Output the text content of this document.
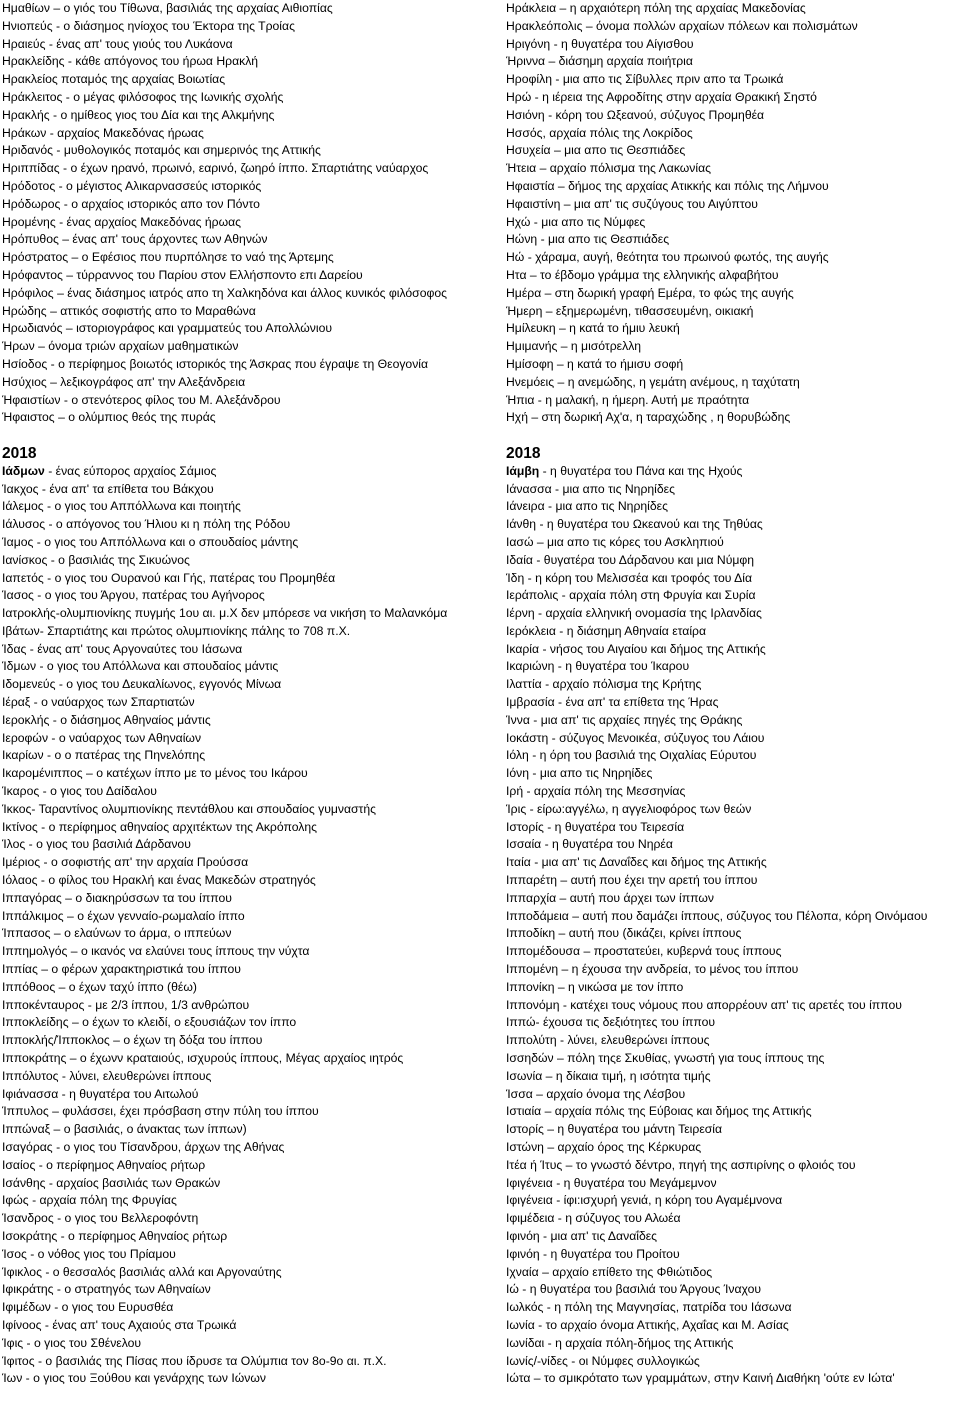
Ημαθίων – ο γιός του Τίθωνα, βασιλιάς της αρχαίας Αιθιοπίας
Ηνιοπεύς - ο διάσημος ηνίοχος του Έκτορα της Τροίας
Ηραιεύς - ένας απ' τους γιούς του Λυκάονα
Ηρακλείδης - κάθε απόγονος του ήρωα Ηρακλή
Ηρακλείος ποταμός της αρχαίας Βοιωτίας
Ηράκλειτος - ο μέγας φιλόσοφος της Ιωνικής σχολής
Ηρακλής - ο ημίθεος γιος του Δία και της Αλκμήνης
Ηράκων - αρχαίος Μακεδόνας ήρωας
Ηριδανός - μυθολογικός ποταμός και σημερινός της Αττικής
Ηριππίδας - ο έχων ηρανό, πρωινό, εαρινό, ζωηρό ίππο. Σπαρτιάτης ναύαρχος
Ηρόδοτος - ο μέγιστος Αλικαρνασσεύς ιστορικός
Ηρόδωρος - ο αρχαίος ιστορικός απο τον Πόντο
Ηρομένης - ένας αρχαίος Μακεδόνας ήρωας
Ηρόπυθος – ένας απ' τους άρχοντες των Αθηνών
Ηρόστρατος – ο Εφέσιος που πυρπόλησε το ναό της Άρτεμης
Ηρόφαντος – τύρραννος του Παρίου στον Ελλήσποντο επι Δαρείου
Ηρόφιλος – ένας διάσημος ιατρός απο τη Χαλκηδόνα και άλλος κυνικός φιλόσοφος
Ηρώδης – αττικός σοφιστής απο το Μαραθώνα
Ηρωδιανός – ιστοριογράφος και γραμματεύς του Απολλώνιου
Ήρων – όνομα τριών αρχαίων μαθηματικών
Ησίοδος - ο περίφημος βοιωτός ιστορικός της Άσκρας που έγραψε τη Θεογονία
Ησύχιος – λεξικογράφος απ' την Αλεξάνδρεια
Ήφαιστίων - ο στενότερος φίλος του Μ. Αλεξάνδρου
Ήφαιστος – ο ολύμπιος θεός της πυράς
2018
Ιάδμων - ένας εύπορος αρχαίος Σάμιος
Ίακχος - ένα απ' τα επίθετα του Βάκχου
Ιάλεμος - ο γιος του Απ​πόλλωνα και ποιητής
Ιάλυσος - ο απόγονος του Ήλιου κι η πόλη της Ρόδου
Ίαμος - ο γιος του Απ​πόλλωνα και ο σπουδαίος μάντης
Ιανίσκος - ο βασιλιάς της Σικυώνος
Ιαπετός - ο γιος του Ουρανού και Γής, πατέρας του Προμηθέα
Ίασος - ο γιος του Άργου, πατέρας του Αγήνορος
Ιατροκλής-ολυμπιονίκης πυγμής 1ου αι. μ.Χ δεν μπόρεσε να νικήση το Μαλανκόμα
Ιβάτων- Σπαρτιάτης και πρώτος ολυμπιονίκης πάλης το 708 π.Χ.
Ίδας - ένας απ' τους Αργοναύτες του Ιάσωνα
Ίδμων - ο γιος του Απόλλωνα και σπουδαίος μάντις
Ιδομενεύς - ο γιος του Δευκαλίωνος, εγγονός Μίνωα
Ιέραξ - ο ναύαρχος των Σπαρτιατών
Ιεροκλής - ο διάσημος Αθηναίος μάντις
Ιεροφών - ο ναύαρχος των Αθηναίων
Ικαρίων - ο ο πατέρας της Πηνελόπης
Ικαρομένιππος – ο κατέχων ίππο με το μένος του Ικάρου
Ίκαρος - ο γιος του Δαίδαλου
Ίκκος- Ταραντίνος ολυμπιονίκης πεντάθλου και σπουδαίος γυμναστής
Ικτίνος - ο περίφημος αθηναίος αρχιτέκτων της Ακρόπολης
Ίλος - ο γιος του βασιλιά Δάρδανου
Ιμέριος - ο σοφιστής απ' την αρχαία Προύσσα
Ιόλαος - ο φίλος του Ηρακλή και ένας Μακεδών στρατηγός
Ιππαγόρας – ο διακηρύσσων τα του ίππου
Ιππάλκιμος – ο έχων γενναίο-ρωμαλαίο ίππο
Ίππασος – ο ελαύνων το άρμα, ο ιππεύων
Ιππημολγός – ο ικανός να ελαύνει τους ίππους την νύχτα
Ιππίας – ο φέρων χαρακτηριστικά του ίππου
Ιππόθοος – ο έχων ταχύ ίππο (θέω)
Ιπποκένταυρος - με 2/3 ίππου, 1/3 ανθρώπου
Ιπποκλείδης – ο έχων το κλειδί, ο εξουσιάζων τον ίππο
Ιπποκλής/Ίπποκλος – ο έχων τη δόξα του ίππου
Ιπποκράτης – ο έχωνν κραταιούς, ισχυρούς ίππους, Μέγας αρχαίος ιητρός
Ιππόλυτος - λύνει, ελευθερώνει ίππους
Ιφιάνασσα - η θυγατέρα του Αιτωλού
Ίππυλος – φυλάσσει, έχει πρόσβαση στην πύλη του ίππου
Ιππώναξ – ο βασιλιάς, ο άνακτας των ίππων)
Ισαγόρας - ο γιος του Τίσανδρου, άρχων της Αθήνας
Ισαίος - ο περίφημος Αθηναίος ρήτωρ
Ισάνθης - αρχαίος βασιλιάς των Θρακών
Ιφώς - αρχαία πόλη της Φρυγίας
Ίσανδρος - ο γιος του Βελλεροφόντη
Ισοκράτης - ο περίφημος Αθηναίος ρήτωρ
Ίσος - ο νόθος γιος του Πρίαμου
Ίφικλος - ο θεσσαλός βασιλιάς αλλά και Αργοναύτης
Ιφικράτης - ο στρατηγός των Αθηναίων
Ιφιμέδων - ο γιος του Ευρυσθέα
Ιφίνοος - ένας απ' τους Αχαιούς στα Τρωικά
Ίφις - ο γιος του Σθένελου
Ίφιτος - ο βασιλιάς της Πίσας που ίδρυσε τα Ολύμπια τον 8ο-9ο αι. π.Χ.
Ίων - ο γιος του Ξούθου και γενάρχης των Ιώνων
Ηράκλεια – η αρχαιότερη πόλη της αρχαίας Μακεδονίας
Ηρακλεόπολις – όνομα πολλών αρχαίων πόλεων και πολισμάτων
Ηριγόνη - η θυγατέρα του Αίγισθου
Ήριννα – διάσημη αρχαία ποιήτρια
Ηροφίλη - μια απο τις Σίβυλλες πριν απο τα Τρωικά
Ηρώ - η ιέρεια της Αφροδίτης στην αρχαία Θρακική Σηστό
Ησιόνη - κόρη του Ωξεανού, σύζυγος Προμηθέα
Ησσός, αρχαία πόλις της Λοκρίδος
Ησυχεία – μια απο τις Θεσπιάδες
Ήτεια – αρχαίο πόλισμα της Λακωνίας
Ηφαιστία – δήμος της αρχαίας Ατικκής και πόλις της Λήμνου
Ηφαιστίνη – μια απ' τις συζύγους του Αιγύπτου
Ηχώ - μια απο τις Νύμφες
Ηώνη - μια απο τις Θεσπιάδες
Ηώ - χάραμα, αυγή, θεότητα του πρωινού φωτός, της αυγής
Ητα – το έβδομο γράμμα της ελληνικής αλφαβήτου
Ημέρα – στη δωρική γραφή Εμέρα, το φώς της αυγής
Ήμερη – εξημερωμένη, τιθασσευμένη, οικιακή
Ημίλευκη – η κατά το ήμιυ λευκή
Ημιμανής – η μισότρελλη
Ημίσοφη – η κατά το ήμισυ σοφή
Ηνεμόεις – η ανεμώδης, η γεμάτη ανέμους, η ταχύτατη
Ήπια - η μαλακή, η ήμερη. Αυτή με πραότητα
Ηχή – στη δωρική Αχ'α, η ταραχώδης , η θορυβώδης
2018
Ιάμβη - η θυγατέρα του Πάνα και της Ηχούς
Ιάνασσα - μια απο τις Νηρηίδες
Ιάνειρα - μια απο τις Νηρηίδες
Ιάνθη - η θυγατέρα του Ωκεανού και της Τηθύας
Ιασώ – μια απο τις κόρες του Ασκληπιού
Ιδαία - θυγατέρα του Δάρδανου και μια Νύμφη
Ίδη - η κόρη του Μελισσέα και τροφός του Δία
Ιεράπολις - αρχαία πόλη στη Φρυγία και Συρία
Ιέρνη - αρχαία ελληνική ονομασία της Ιρλανδίας
Ιερόκλεια - η διάσημη Αθηναία εταίρα
Ικαρία - νήσος του Αιγαίου και δήμος της Αττικής
Ικαριώνη - η θυγατέρα του Ίκαρου
Ιλαττία - αρχαίο πόλισμα της Κρήτης
Ιμβρασία - ένα απ' τα επίθετα της Ήρας
Ίννα - μια απ' τις αρχαίες πηγές της Θράκης
Ιοκάστη - σύζυγος Μενοικέα, σύζυγος του Λάιου
Ιόλη - η όρη του βασιλιά της Οιχαλίας Εύρυτου
Ιόνη - μια απο τις Νηρηίδες
Ιρή - αρχαία πόλη της Μεσσηνίας
Ίρις - είρω:αγγέλω, η αγγελιοφόρος των θεών
Ιστορίς - η θυγατέρα του Τειρεσία
Ισσαία - η θυγατέρα του Νηρέα
Ιταία - μια απ' τις Δαναΐδες και δήμος της Αττικής
Ιππαρέτη – αυτή που έχει την αρετή του ίππου
Ιππαρχία – αυτή που άρχει των ίππων
Ιπποδάμεια – αυτή που δαμάζει ίππους, σύζυγος του Πέλοπα, κόρη Οινόμαου
Ιπποδίκη – αυτή που (δικάζει, κρίνει ίππους
Ιππομέδουσα – προστατεύει, κυβερνά τους ίππους
Ιππομένη – η έχουσα την ανδρεία, το μένος του ίππου
Ιππονίκη – η νικώσα με τον ίππο
Ιππονόμη - κατέχει τους νόμους που απορρέουν απ' τις αρετές του ίππου
Ιππώ- έχουσα τις δεξιότητες του ίππου
Ιππολύτη - λύνει, ελευθερώνει ίππους
Ισσηδών – πόλη τηςε Σκυθίας, γνωστή για τους ίππους της
Ισωνία – η δίκαια τιμή, η ισότητα τιμής
Ίσσα – αρχαίο όνομα της Λέσβου
Ιστιαία – αρχαία πόλις της Εύβοιας και δήμος της Αττικής
Ιστορίς – η θυγατέρα του μάντη Τειρεσία
Ιστώνη – αρχαίο όρος της Κέρκυρας
Ιτέα ή Ίτυς – το γνωστό δέντρο, πηγή της ασπιρίνης ο φλοιός του
Ιφιγένεια - η θυγατέρα του Μεγάμεμνον
Ιφιγένεια - ίφι:ισχυρή γενιά, η κόρη του Αγαμέμνονα
Ιφιμέδεια - η σύζυγος του Αλωέα
Ιφινόη - μια απ' τις Δαναΐδες
Ιφινόη - η θυγατέρα του Προίτου
Ιχναία – αρχαίο επίθετο της Φθιώτιδος
Ιώ - η θυγατέρα του βασιλιά του Άργους Ίναχου
Ιωλκός - η πόλη της Μαγνησίας, πατρίδα του Ιάσωνα
Ιωνία - το αρχαίο όνομα Αττικής, Αχαΐας και Μ. Ασίας
Ιωνίδαι - η αρχαία πόλη-δήμος της Αττικής
Ιωνίς/-νίδες - οι Νύμφες συλλογικώς
Ιώτα – το σμικρότατο των γραμμάτων, στην Καινή Διαθήκη 'ούτε εν Ιώτα'
